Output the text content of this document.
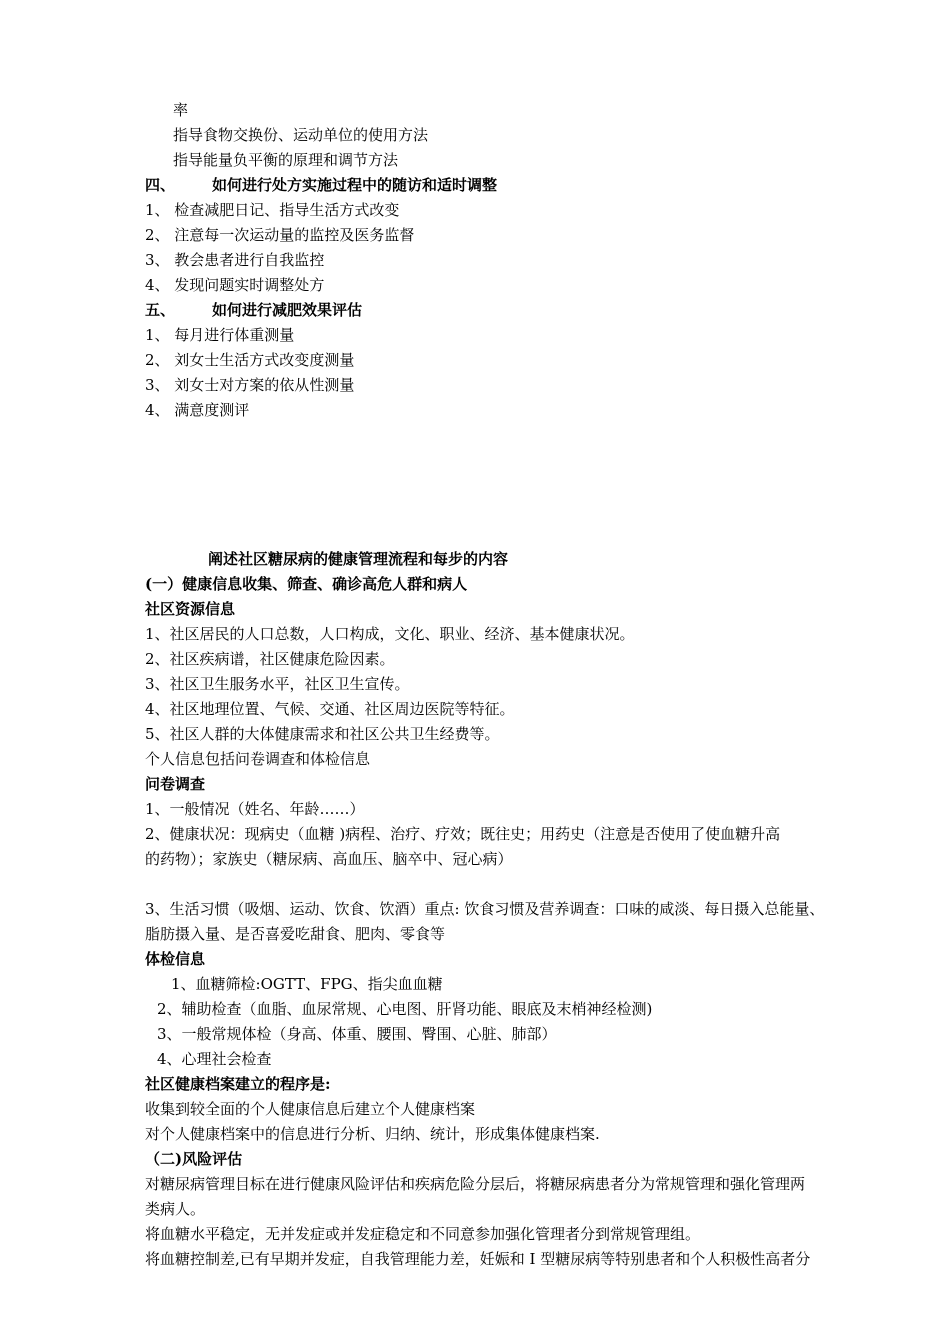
率
指导食物交换份、运动单位的使用方法
指导能量负平衡的原理和调节方法
四、 如何进行处方实施过程中的随访和适时调整
1、 检查减肥日记、指导生活方式改变
2、 注意每一次运动量的监控及医务监督
3、 教会患者进行自我监控
4、 发现问题实时调整处方
五、 如何进行减肥效果评估
1、 每月进行体重测量
2、 刘女士生活方式改变度测量
3、 刘女士对方案的依从性测量
4、 满意度测评
阐述社区糖尿病的健康管理流程和每步的内容
(一）健康信息收集、筛查、确诊高危人群和病人
社区资源信息
1、社区居民的人口总数，人口构成，文化、职业、经济、基本健康状况。
2、社区疾病谱，社区健康危险因素。
3、社区卫生服务水平，社区卫生宣传。
4、社区地理位置、气候、交通、社区周边医院等特征。
5、社区人群的大体健康需求和社区公共卫生经费等。
个人信息包括问卷调查和体检信息
问卷调查
1、一般情况（姓名、年龄……）
2、健康状况：现病史（血糖 )病程、治疗、疗效；既往史；用药史（注意是否使用了使血糖升高
的药物）；家族史（糖尿病、高血压、脑卒中、冠心病）
3、生活习惯（吸烟、运动、饮食、饮酒）重点: 饮食习惯及营养调查：口味的咸淡、每日摄入总能量、
脂肪摄入量、是否喜爱吃甜食、肥肉、零食等
体检信息
1、血糖筛检:OGTT、FPG、指尖血血糖
2、辅助检查（血脂、血尿常规、心电图、肝肾功能、眼底及末梢神经检测)
3、一般常规体检（身高、体重、腰围、臀围、心脏、肺部）
4、心理社会检查
社区健康档案建立的程序是:
收集到较全面的个人健康信息后建立个人健康档案
对个人健康档案中的信息进行分析、归纳、统计，形成集体健康档案.
（二)风险评估
对糖尿病管理目标在进行健康风险评估和疾病危险分层后，将糖尿病患者分为常规管理和强化管理两
类病人。
将血糖水平稳定，无并发症或并发症稳定和不同意参加强化管理者分到常规管理组。
将血糖控制差,已有早期并发症，自我管理能力差，妊娠和 I 型糖尿病等特别患者和个人积极性高者分
